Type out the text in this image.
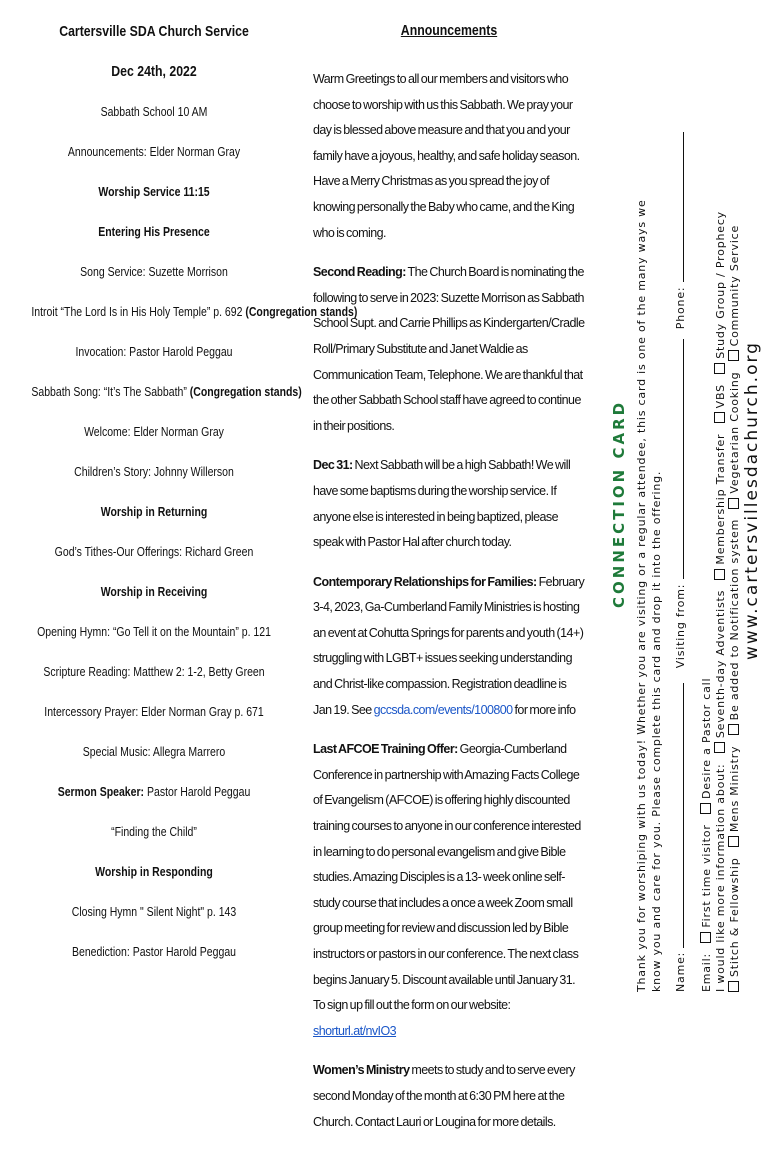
Cartersville SDA Church Service
Dec 24th, 2022
Sabbath School 10 AM
Announcements: Elder Norman Gray
Worship Service 11:15
Entering His Presence
Song Service: Suzette Morrison
Introit “The Lord Is in His Holy Temple” p. 692 (Congregation stands)
Invocation: Pastor Harold Peggau
Sabbath Song: “It’s The Sabbath” (Congregation stands)
Welcome: Elder Norman Gray
Children’s Story: Johnny Willerson
Worship in Returning
God’s Tithes-Our Offerings: Richard Green
Worship in Receiving
Opening Hymn: “Go Tell it on the Mountain” p. 121
Scripture Reading: Matthew 2: 1-2, Betty Green
Intercessory Prayer: Elder Norman Gray p. 671
Special Music: Allegra Marrero
Sermon Speaker: Pastor Harold Peggau
“Finding the Child”
Worship in Responding
Closing Hymn " Silent Night" p. 143
Benediction: Pastor Harold Peggau
Announcements

Warm Greetings to all our members and visitors who choose to worship with us this Sabbath. We pray your day is blessed above measure and that you and your family have a joyous, healthy, and safe holiday season. Have a Merry Christmas as you spread the joy of knowing personally the Baby who came, and the King who is coming.

Second Reading: The Church Board is nominating the following to serve in 2023: Suzette Morrison as Sabbath School Supt. and Carrie Phillips as Kindergarten/Cradle Roll/Primary Substitute and Janet Waldie as Communication Team, Telephone. We are thankful that the other Sabbath School staff have agreed to continue in their positions.

Dec 31: Next Sabbath will be a high Sabbath! We will have some baptisms during the worship service. If anyone else is interested in being baptized, please speak with Pastor Hal after church today.

Contemporary Relationships for Families: February 3-4, 2023, Ga-Cumberland Family Ministries is hosting an event at Cohutta Springs for parents and youth (14+) struggling with LGBT+ issues seeking understanding and Christ-like compassion. Registration deadline is Jan 19. See gccsda.com/events/100800 for more info

Last AFCOE Training Offer: Georgia-Cumberland Conference in partnership with Amazing Facts College of Evangelism (AFCOE) is offering highly discounted training courses to anyone in our conference interested in learning to do personal evangelism and give Bible studies. Amazing Disciples is a 13- week online self-study course that includes a once a week Zoom small group meeting for review and discussion led by Bible instructors or pastors in our conference. The next class begins January 5. Discount available until January 31. To sign up fill out the form on our website: shorturl.at/nvIO3

Women’s Ministry meets to study and to serve every second Monday of the month at 6:30 PM here at the Church. Contact Lauri or Lougina for more details.

CONNECTION CARD Thank you for worshiping with us today! Whether you are visiting or a regular attendee, this card is one of the many ways we know you and care for you. Please complete this card and drop it into the offering. Name:  Visiting from:  Phone:
Email: First time visitor Desire a Pastor call
I would like more information about: Seventh-day Adventists Membership Transfer VBS Study Group / Prophecy
Stitch & Fellowship Mens Ministry Be added to Notification system Vegetarian Cooking Community Service
www.cartersvillesdachurch.org
